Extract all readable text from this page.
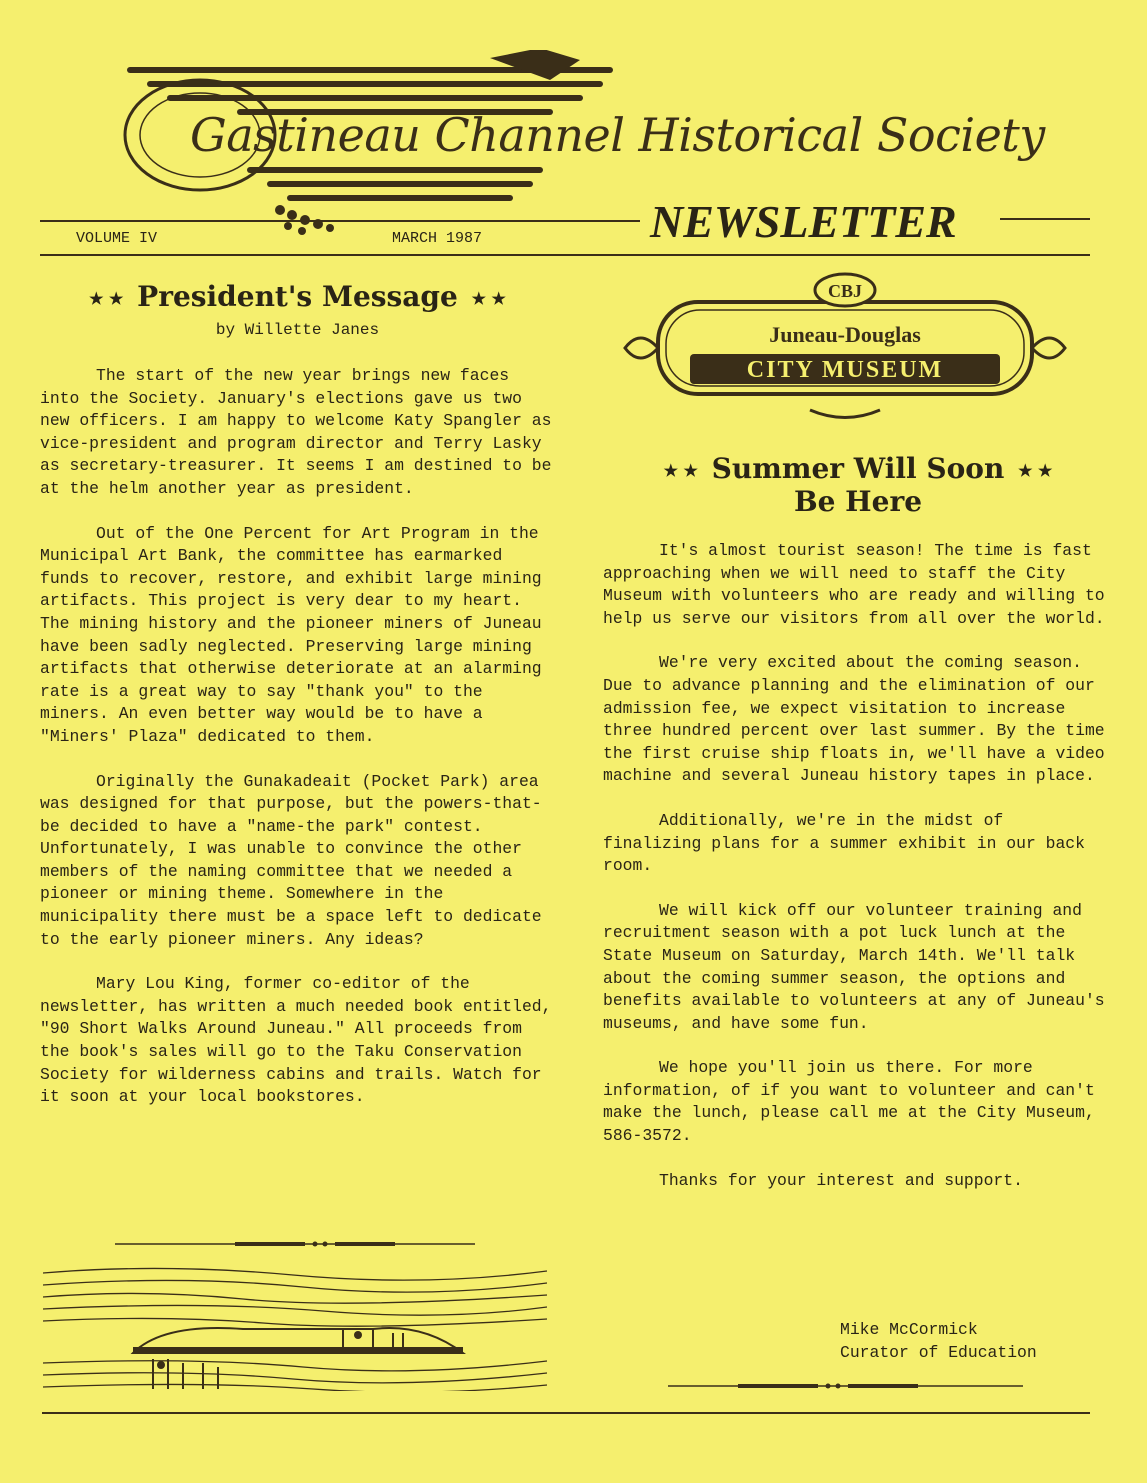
Gastineau Channel Historical Society
NEWSLETTER
VOLUME IV	MARCH 1987
★ ★ President's Message ★ ★
by Willette Janes

The start of the new year brings new faces into the Society. January's elections gave us two new officers. I am happy to welcome Katy Spangler as vice-president and program director and Terry Lasky as secretary-treasurer. It seems I am destined to be at the helm another year as president.

Out of the One Percent for Art Program in the Municipal Art Bank, the committee has earmarked funds to recover, restore, and exhibit large mining artifacts. This project is very dear to my heart. The mining history and the pioneer miners of Juneau have been sadly neglected. Preserving large mining artifacts that otherwise deteriorate at an alarming rate is a great way to say "thank you" to the miners. An even better way would be to have a "Miners' Plaza" dedicated to them.

Originally the Gunakadeait (Pocket Park) area was designed for that purpose, but the powers-that-be decided to have a "name-the park" contest. Unfortunately, I was unable to convince the other members of the naming committee that we needed a pioneer or mining theme. Somewhere in the municipality there must be a space left to dedicate to the early pioneer miners. Any ideas?

Mary Lou King, former co-editor of the newsletter, has written a much needed book entitled, "90 Short Walks Around Juneau." All proceeds from the book's sales will go to the Taku Conservation Society for wilderness cabins and trails. Watch for it soon at your local bookstores.

CBJ
Juneau-Douglas
CITY MUSEUM
★ ★ Summer Will Soon ★ ★
Be Here

It's almost tourist season! The time is fast approaching when we will need to staff the City Museum with volunteers who are ready and willing to help us serve our visitors from all over the world.

We're very excited about the coming season. Due to advance planning and the elimination of our admission fee, we expect visitation to increase three hundred percent over last summer. By the time the first cruise ship floats in, we'll have a video machine and several Juneau history tapes in place.

Additionally, we're in the midst of finalizing plans for a summer exhibit in our back room.

We will kick off our volunteer training and recruitment season with a pot luck lunch at the State Museum on Saturday, March 14th. We'll talk about the coming summer season, the options and benefits available to volunteers at any of Juneau's museums, and have some fun.

We hope you'll join us there. For more information, of if you want to volunteer and can't make the lunch, please call me at the City Museum, 586-3572.

Thanks for your interest and support.

Mike McCormick
Curator of Education
